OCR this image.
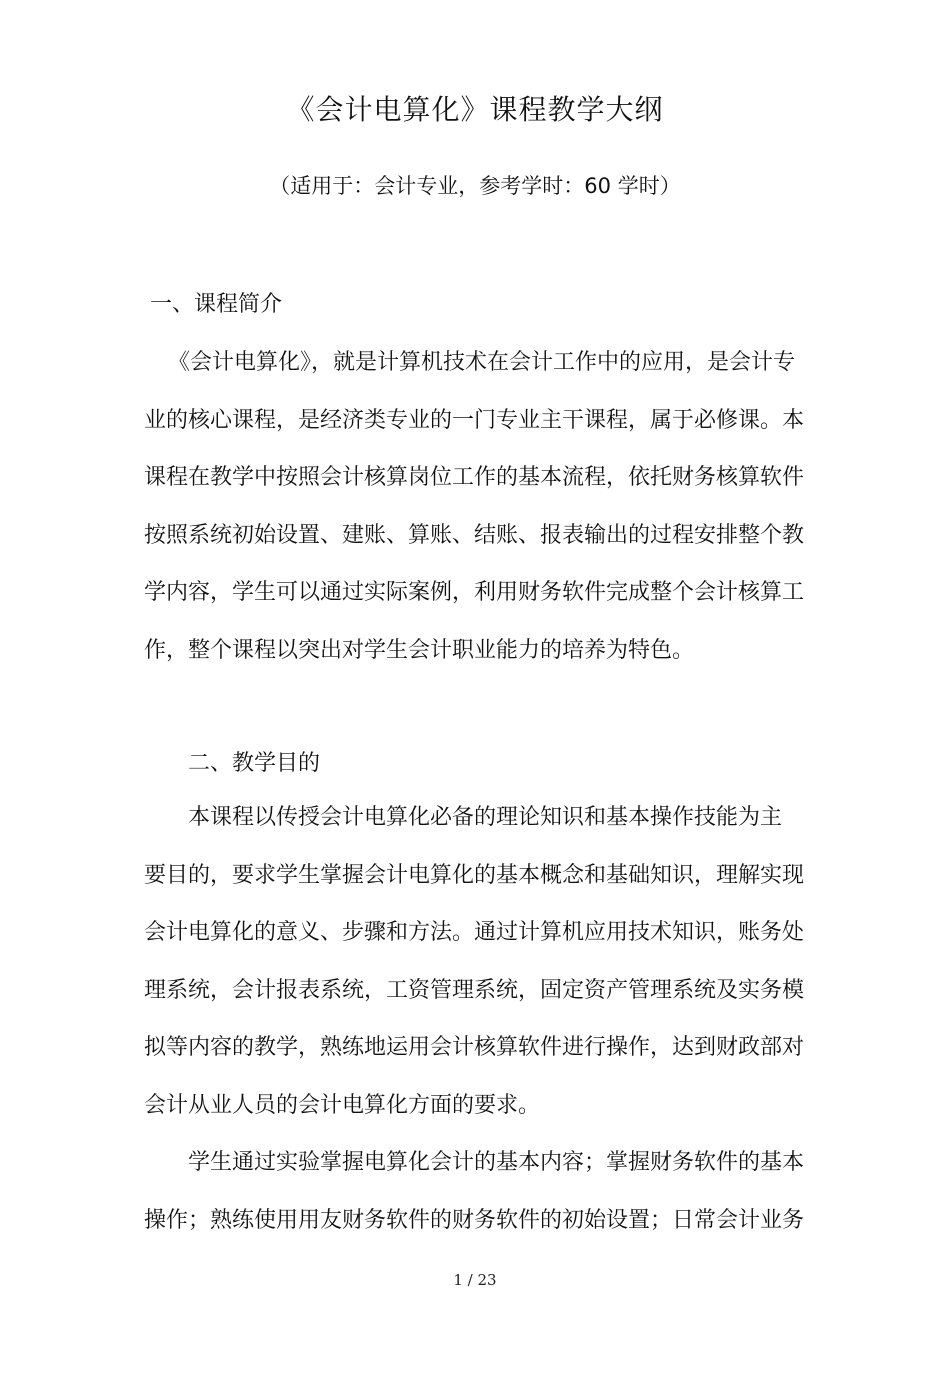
《会计电算化》课程教学大纲
（适用于：会计专业，参考学时：60 学时）
一、课程简介
《会计电算化》，就是计算机技术在会计工作中的应用，是会计专
业的核心课程，是经济类专业的一门专业主干课程，属于必修课。本
课程在教学中按照会计核算岗位工作的基本流程，依托财务核算软件
按照系统初始设置、建账、算账、结账、报表输出的过程安排整个教
学内容，学生可以通过实际案例，利用财务软件完成整个会计核算工
作，整个课程以突出对学生会计职业能力的培养为特色。
二、教学目的
本课程以传授会计电算化必备的理论知识和基本操作技能为主
要目的，要求学生掌握会计电算化的基本概念和基础知识，理解实现
会计电算化的意义、步骤和方法。通过计算机应用技术知识，账务处
理系统，会计报表系统，工资管理系统，固定资产管理系统及实务模
拟等内容的教学，熟练地运用会计核算软件进行操作，达到财政部对
会计从业人员的会计电算化方面的要求。
学生通过实验掌握电算化会计的基本内容；掌握财务软件的基本
操作；熟练使用用友财务软件的财务软件的初始设置；日常会计业务
1 / 23
